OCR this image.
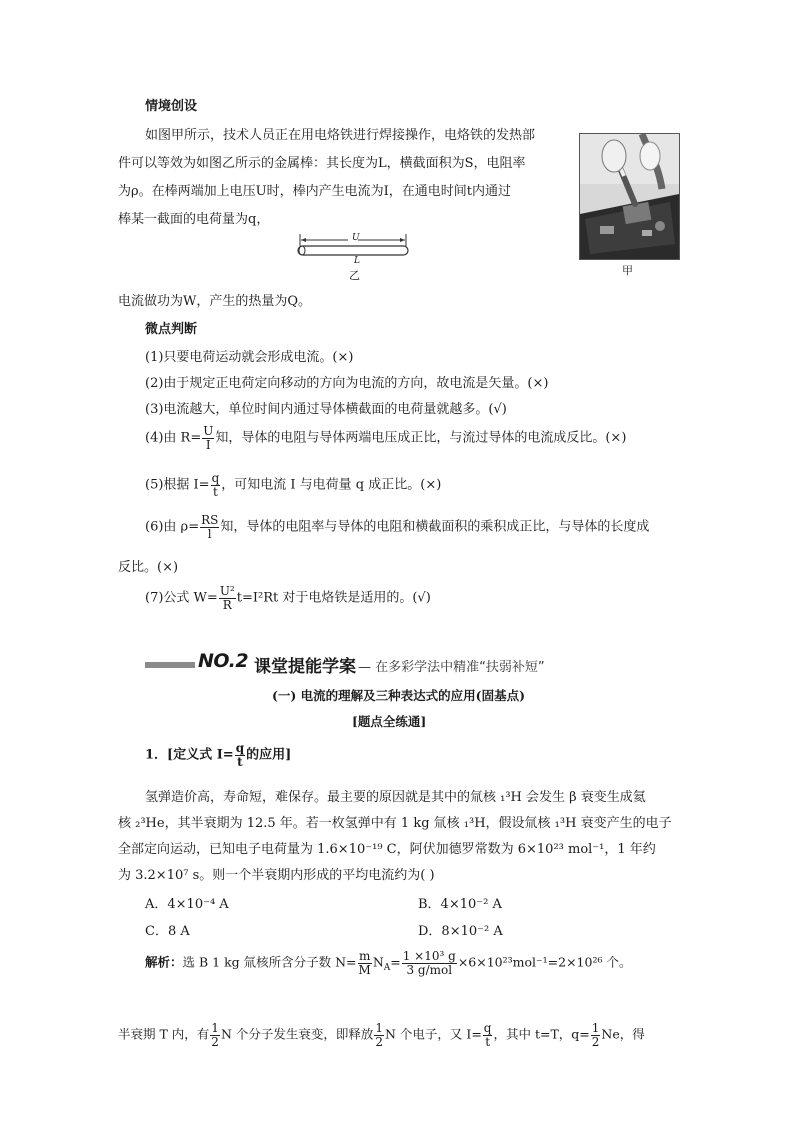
情境创设
如图甲所示，技术人员正在用电烙铁进行焊接操作，电烙铁的发热部
件可以等效为如图乙所示的金属棒：其长度为L，横截面积为S，电阻率
为ρ。在棒两端加上电压U时，棒内产生电流为I，在通电时间t内通过
棒某一截面的电荷量为q，
U
L
乙	甲
电流做功为W，产生的热量为Q。
微点判断
(1)只要电荷运动就会形成电流。(×)
(2)由于规定正电荷定向移动的方向为电流的方向，故电流是矢量。(×)
(3)电流越大，单位时间内通过导体横截面的电荷量就越多。(√)
(4)由 $R= \frac{U}{I}$ 知，导体的电阻与导体两端电压成正比，与流过导体的电流成反比。(×)
(5)根据 $I= \frac{q}{t}$ ，可知电流 I 与电荷量 q 成正比。(×)
(6)由 $\rho= \frac{RS}{l}$ 知，导体的电阻率与导体的电阻和横截面积的乘积成正比，与导体的长度成
反比。(×)
(7)公式 $W= \frac{\text{U²}}{R} t=I^2Rt$ 对于电烙铁是适用的。(√)
NO.2 课堂提能学案 — 在多彩学法中精准“扶弱补短”
(一) 电流的理解及三种表达式的应用(固基点)
[题点全练通]
1．[定义式 $I= \frac{q}{t}$ 的应用]
氢弹造价高，寿命短，难保存。最主要的原因就是其中的氚核 ₁³H 会发生 β 衰变生成氦
核 ₂³He，其半衰期为 12.5 年。若一枚氢弹中有 1 kg 氚核 ₁³H，假设氚核 ₁³H 衰变产生的电子
全部定向运动，已知电子电荷量为 1.6×10⁻¹⁹ C，阿伏加德罗常数为 6×10²³ mol⁻¹，1 年约
为 3.2×10⁷ s。则一个半衰期内形成的平均电流约为( )
A．4×10⁻⁴ A	B．4×10⁻² A
C．8 A	D．8×10⁻² A
解析：选 B 1 kg 氚核所含分子数 $N= \frac{m}{M} N_A= \frac{\text{1 ×10³ g}}{\text{3 g/mol}} \times 6\times 10^{23}mol^{-1}=2\times 10^{26}$ 个。
半衰期 T 内，有 $\frac{1}{2}$ N 个分子发生衰变，即释放 $\frac{1}{2}$ N 个电子，又 $I= \frac{q}{t}$ ，其中 t=T，$q= \frac{1}{2}$ Ne，得
